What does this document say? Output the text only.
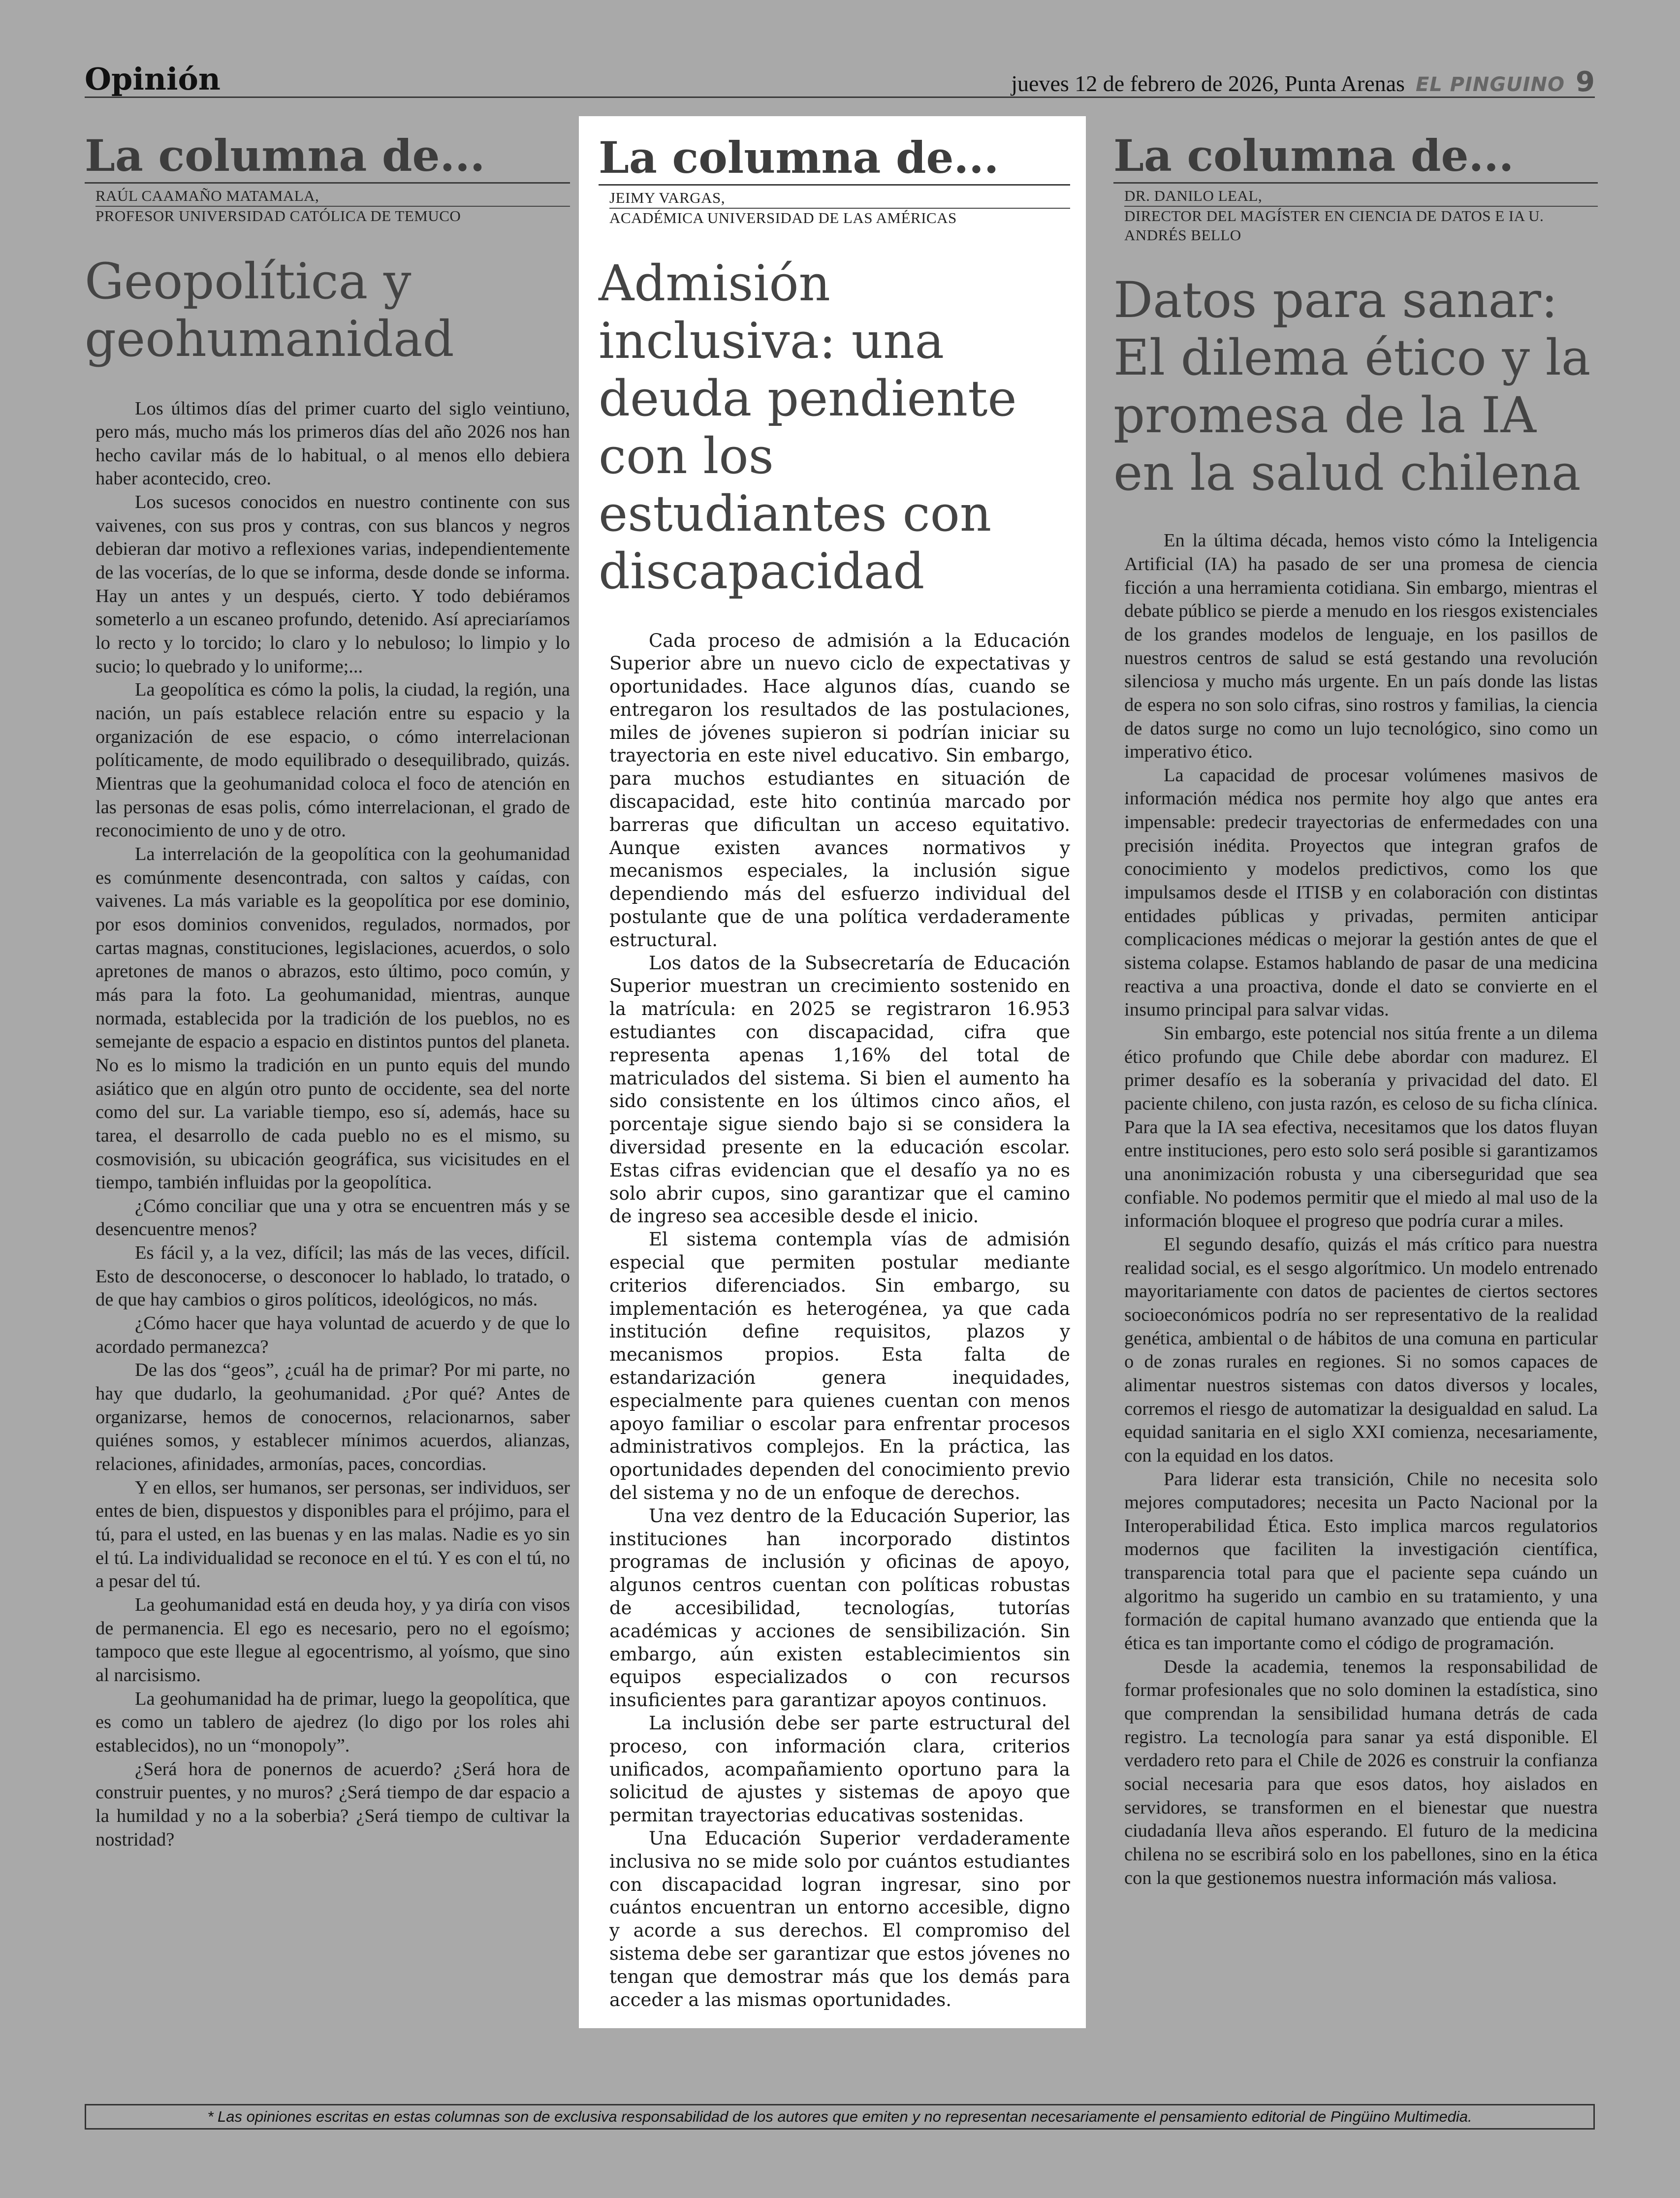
Opinión	jueves 12 de febrero de 2026, Punta Arenas EL PINGUINO 9
La columna de...
RAÚL CAAMAÑO MATAMALA,
PROFESOR UNIVERSIDAD CATÓLICA DE TEMUCO
Geopolítica y geohumanidad

Los últimos días del primer cuarto del siglo veintiuno, pero más, mucho más los primeros días del año 2026 nos han hecho cavilar más de lo habitual, o al menos ello debiera haber acontecido, creo.

Los sucesos conocidos en nuestro continente con sus vaivenes, con sus pros y contras, con sus blancos y negros debieran dar motivo a reflexiones varias, independientemente de las vocerías, de lo que se informa, desde donde se informa. Hay un antes y un después, cierto. Y todo debiéramos someterlo a un escaneo profundo, detenido. Así apreciaríamos lo recto y lo torcido; lo claro y lo nebuloso; lo limpio y lo sucio; lo quebrado y lo uniforme;...

La geopolítica es cómo la polis, la ciudad, la región, una nación, un país establece relación entre su espacio y la organización de ese espacio, o cómo interrelacionan políticamente, de modo equilibrado o desequilibrado, quizás. Mientras que la geohumanidad coloca el foco de atención en las personas de esas polis, cómo interrelacionan, el grado de reconocimiento de uno y de otro.

La interrelación de la geopolítica con la geohumanidad es comúnmente desencontrada, con saltos y caídas, con vaivenes. La más variable es la geopolítica por ese dominio, por esos dominios convenidos, regulados, normados, por cartas magnas, constituciones, legislaciones, acuerdos, o solo apretones de manos o abrazos, esto último, poco común, y más para la foto. La geohumanidad, mientras, aunque normada, establecida por la tradición de los pueblos, no es semejante de espacio a espacio en distintos puntos del planeta. No es lo mismo la tradición en un punto equis del mundo asiático que en algún otro punto de occidente, sea del norte como del sur. La variable tiempo, eso sí, además, hace su tarea, el desarrollo de cada pueblo no es el mismo, su cosmovisión, su ubicación geográfica, sus vicisitudes en el tiempo, también influidas por la geopolítica.

¿Cómo conciliar que una y otra se encuentren más y se desencuentre menos?

Es fácil y, a la vez, difícil; las más de las veces, difícil. Esto de desconocerse, o desconocer lo hablado, lo tratado, o de que hay cambios o giros políticos, ideológicos, no más.

¿Cómo hacer que haya voluntad de acuerdo y de que lo acordado permanezca?

De las dos “geos”, ¿cuál ha de primar? Por mi parte, no hay que dudarlo, la geohumanidad. ¿Por qué? Antes de organizarse, hemos de conocernos, relacionarnos, saber quiénes somos, y establecer mínimos acuerdos, alianzas, relaciones, afinidades, armonías, paces, concordias.

Y en ellos, ser humanos, ser personas, ser individuos, ser entes de bien, dispuestos y disponibles para el prójimo, para el tú, para el usted, en las buenas y en las malas. Nadie es yo sin el tú. La individualidad se reconoce en el tú. Y es con el tú, no a pesar del tú.

La geohumanidad está en deuda hoy, y ya diría con visos de permanencia. El ego es necesario, pero no el egoísmo; tampoco que este llegue al egocentrismo, al yoísmo, que sino al narcisismo.

La geohumanidad ha de primar, luego la geopolítica, que es como un tablero de ajedrez (lo digo por los roles ahi establecidos), no un “monopoly”.

¿Será hora de ponernos de acuerdo? ¿Será hora de construir puentes, y no muros? ¿Será tiempo de dar espacio a la humildad y no a la soberbia? ¿Será tiempo de cultivar la nostridad?

La columna de...
JEIMY VARGAS,
ACADÉMICA UNIVERSIDAD DE LAS AMÉRICAS
Admisión inclusiva: una deuda pendiente con los estudiantes con discapacidad

Cada proceso de admisión a la Educación Superior abre un nuevo ciclo de expectativas y oportunidades. Hace algunos días, cuando se entregaron los resultados de las postulaciones, miles de jóvenes supieron si podrían iniciar su trayectoria en este nivel educativo. Sin embargo, para muchos estudiantes en situación de discapacidad, este hito continúa marcado por barreras que dificultan un acceso equitativo. Aunque existen avances normativos y mecanismos especiales, la inclusión sigue dependiendo más del esfuerzo individual del postulante que de una política verdaderamente estructural.

Los datos de la Subsecretaría de Educación Superior muestran un crecimiento sostenido en la matrícula: en 2025 se registraron 16.953 estudiantes con discapacidad, cifra que representa apenas 1,16% del total de matriculados del sistema. Si bien el aumento ha sido consistente en los últimos cinco años, el porcentaje sigue siendo bajo si se considera la diversidad presente en la educación escolar. Estas cifras evidencian que el desafío ya no es solo abrir cupos, sino garantizar que el camino de ingreso sea accesible desde el inicio.

El sistema contempla vías de admisión especial que permiten postular mediante criterios diferenciados. Sin embargo, su implementación es heterogénea, ya que cada institución define requisitos, plazos y mecanismos propios. Esta falta de estandarización genera inequidades, especialmente para quienes cuentan con menos apoyo familiar o escolar para enfrentar procesos administrativos complejos. En la práctica, las oportunidades dependen del conocimiento previo del sistema y no de un enfoque de derechos.

Una vez dentro de la Educación Superior, las instituciones han incorporado distintos programas de inclusión y oficinas de apoyo, algunos centros cuentan con políticas robustas de accesibilidad, tecnologías, tutorías académicas y acciones de sensibilización. Sin embargo, aún existen establecimientos sin equipos especializados o con recursos insuficientes para garantizar apoyos continuos.

La inclusión debe ser parte estructural del proceso, con información clara, criterios unificados, acompañamiento oportuno para la solicitud de ajustes y sistemas de apoyo que permitan trayectorias educativas sostenidas.

Una Educación Superior verdaderamente inclusiva no se mide solo por cuántos estudiantes con discapacidad logran ingresar, sino por cuántos encuentran un entorno accesible, digno y acorde a sus derechos. El compromiso del sistema debe ser garantizar que estos jóvenes no tengan que demostrar más que los demás para acceder a las mismas oportunidades.

La columna de...
DR. DANILO LEAL,
DIRECTOR DEL MAGÍSTER EN CIENCIA DE DATOS E IA U. ANDRÉS BELLO
Datos para sanar: El dilema ético y la promesa de la IA en la salud chilena

En la última década, hemos visto cómo la Inteligencia Artificial (IA) ha pasado de ser una promesa de ciencia ficción a una herramienta cotidiana. Sin embargo, mientras el debate público se pierde a menudo en los riesgos existenciales de los grandes modelos de lenguaje, en los pasillos de nuestros centros de salud se está gestando una revolución silenciosa y mucho más urgente. En un país donde las listas de espera no son solo cifras, sino rostros y familias, la ciencia de datos surge no como un lujo tecnológico, sino como un imperativo ético.

La capacidad de procesar volúmenes masivos de información médica nos permite hoy algo que antes era impensable: predecir trayectorias de enfermedades con una precisión inédita. Proyectos que integran grafos de conocimiento y modelos predictivos, como los que impulsamos desde el ITISB y en colaboración con distintas entidades públicas y privadas, permiten anticipar complicaciones médicas o mejorar la gestión antes de que el sistema colapse. Estamos hablando de pasar de una medicina reactiva a una proactiva, donde el dato se convierte en el insumo principal para salvar vidas.

Sin embargo, este potencial nos sitúa frente a un dilema ético profundo que Chile debe abordar con madurez. El primer desafío es la soberanía y privacidad del dato. El paciente chileno, con justa razón, es celoso de su ficha clínica. Para que la IA sea efectiva, necesitamos que los datos fluyan entre instituciones, pero esto solo será posible si garantizamos una anonimización robusta y una ciberseguridad que sea confiable. No podemos permitir que el miedo al mal uso de la información bloquee el progreso que podría curar a miles.

El segundo desafío, quizás el más crítico para nuestra realidad social, es el sesgo algorítmico. Un modelo entrenado mayoritariamente con datos de pacientes de ciertos sectores socioeconómicos podría no ser representativo de la realidad genética, ambiental o de hábitos de una comuna en particular o de zonas rurales en regiones. Si no somos capaces de alimentar nuestros sistemas con datos diversos y locales, corremos el riesgo de automatizar la desigualdad en salud. La equidad sanitaria en el siglo XXI comienza, necesariamente, con la equidad en los datos.

Para liderar esta transición, Chile no necesita solo mejores computadores; necesita un Pacto Nacional por la Interoperabilidad Ética. Esto implica marcos regulatorios modernos que faciliten la investigación científica, transparencia total para que el paciente sepa cuándo un algoritmo ha sugerido un cambio en su tratamiento, y una formación de capital humano avanzado que entienda que la ética es tan importante como el código de programación.

Desde la academia, tenemos la responsabilidad de formar profesionales que no solo dominen la estadística, sino que comprendan la sensibilidad humana detrás de cada registro. La tecnología para sanar ya está disponible. El verdadero reto para el Chile de 2026 es construir la confianza social necesaria para que esos datos, hoy aislados en servidores, se transformen en el bienestar que nuestra ciudadanía lleva años esperando. El futuro de la medicina chilena no se escribirá solo en los pabellones, sino en la ética con la que gestionemos nuestra información más valiosa.

* Las opiniones escritas en estas columnas son de exclusiva responsabilidad de los autores que emiten y no representan necesariamente el pensamiento editorial de Pingüino Multimedia.
